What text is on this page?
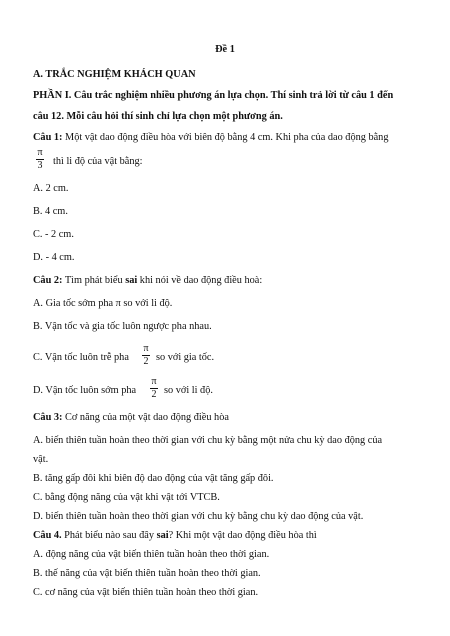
Đề 1
A. TRẮC NGHIỆM KHÁCH QUAN
PHẦN I. Câu trắc nghiệm nhiều phương án lựa chọn. Thí sinh trả lời từ câu 1 đến
câu 12. Mỗi câu hỏi thí sinh chỉ lựa chọn một phương án.
Câu 1: Một vật dao động điều hòa với biên độ bằng 4 cm. Khi pha của dao động bằng
π
3 thì li độ của vật bằng:
A. 2 cm.
B. 4 cm.
C. - 2 cm.
D. - 4 cm.
Câu 2: Tìm phát biểu sai khi nói về dao động điều hoà:
A. Gia tốc sớm pha π so với li độ.
B. Vận tốc và gia tốc luôn ngược pha nhau.
C. Vận tốc luôn trễ pha
π
2 so với gia tốc.
D. Vận tốc luôn sớm pha
π
2 so với li độ.
Câu 3: Cơ năng của một vật dao động điều hòa
A. biến thiên tuần hoàn theo thời gian với chu kỳ bằng một nửa chu kỳ dao động của
vật.
B. tăng gấp đôi khi biên độ dao động của vật tăng gấp đôi.
C. bằng động năng của vật khi vật tới VTCB.
D. biến thiên tuần hoàn theo thời gian với chu kỳ bằng chu kỳ dao động của vật.
Câu 4. Phát biểu nào sau đây sai? Khi một vật dao động điều hòa thì
A. động năng của vật biến thiên tuần hoàn theo thời gian.
B. thế năng của vật biến thiên tuần hoàn theo thời gian.
C. cơ năng của vật biến thiên tuần hoàn theo thời gian.
